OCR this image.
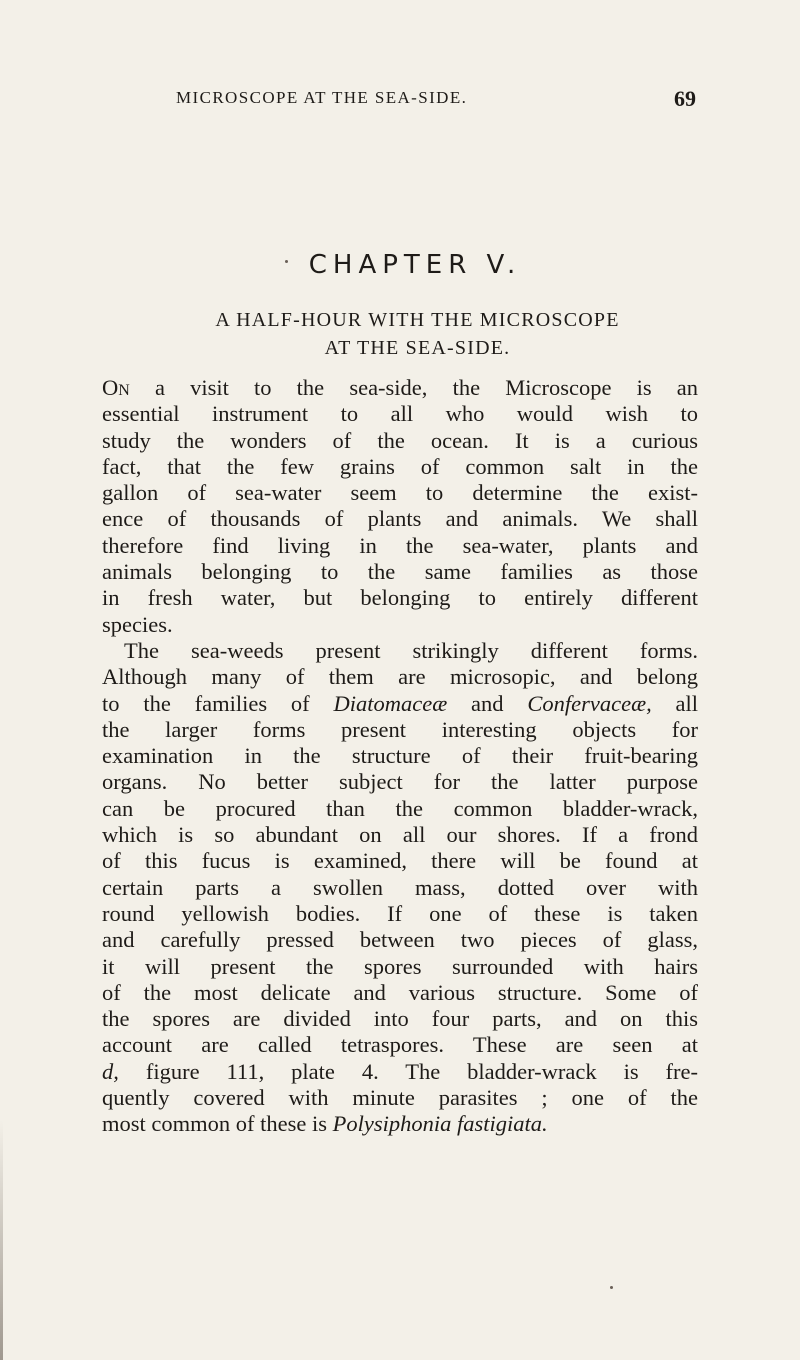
MICROSCOPE AT THE SEA-SIDE.	69
CHAPTER V.
A HALF-HOUR WITH THE MICROSCOPE
AT THE SEA-SIDE.
On a visit to the sea-side, the Microscope is an
essential instrument to all who would wish to
study the wonders of the ocean. It is a curious
fact, that the few grains of common salt in the
gallon of sea-water seem to determine the exist-
ence of thousands of plants and animals. We shall
therefore find living in the sea-water, plants and
animals belonging to the same families as those
in fresh water, but belonging to entirely different
species.
The sea-weeds present strikingly different forms.
Although many of them are microsopic, and belong
to the families of Diatomaceæ and Confervaceæ, all
the larger forms present interesting objects for
examination in the structure of their fruit-bearing
organs. No better subject for the latter purpose
can be procured than the common bladder-wrack,
which is so abundant on all our shores. If a frond
of this fucus is examined, there will be found at
certain parts a swollen mass, dotted over with
round yellowish bodies. If one of these is taken
and carefully pressed between two pieces of glass,
it will present the spores surrounded with hairs
of the most delicate and various structure. Some of
the spores are divided into four parts, and on this
account are called tetraspores. These are seen at
d, figure 111, plate 4. The bladder-wrack is fre-
quently covered with minute parasites ; one of the
most common of these is Polysiphonia fastigiata.
